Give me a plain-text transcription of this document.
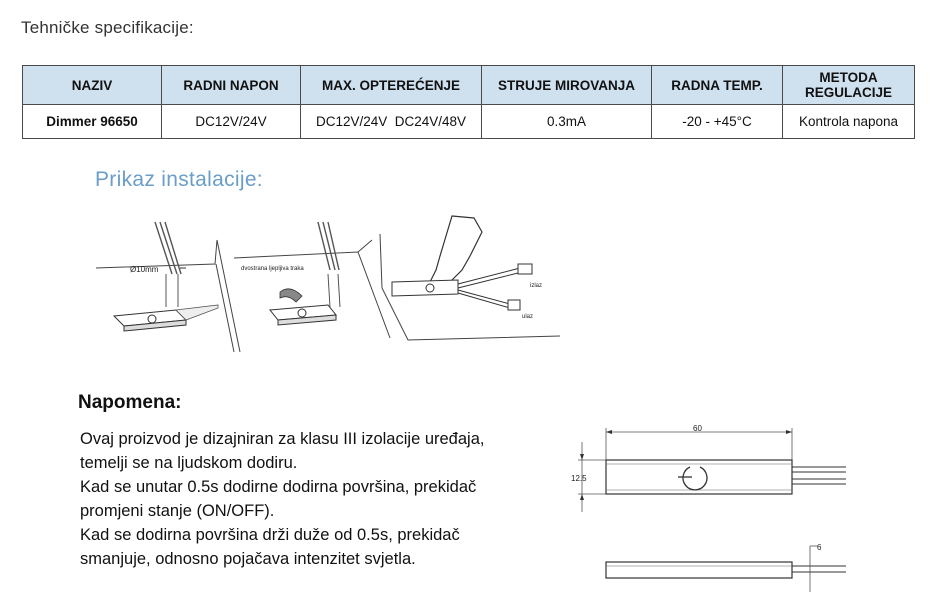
Tehničke specifikacije:
NAZIV	RADNI NAPON	MAX. OPTEREĆENJE	STRUJE MIROVANJA	RADNA TEMP.	METODA REGULACIJE
Dimmer 96650	DC12V/24V	DC12V/24V  DC24V/48V	0.3mA	-20 - +45°C	Kontrola napona
Prikaz instalacije:
Ø10mm	dvostrana ljepljiva traka
izlaz
ulaz
Napomena:
Ovaj proizvod je dizajniran za klasu III izolacije uređaja,
temelji se na ljudskom dodiru.
Kad se unutar 0.5s dodirne dodirna površina, prekidač
promjeni stanje (ON/OFF).
Kad se dodirna površina drži duže od 0.5s, prekidač
smanjuje, odnosno pojačava intenzitet svjetla.
60
12.5
6
